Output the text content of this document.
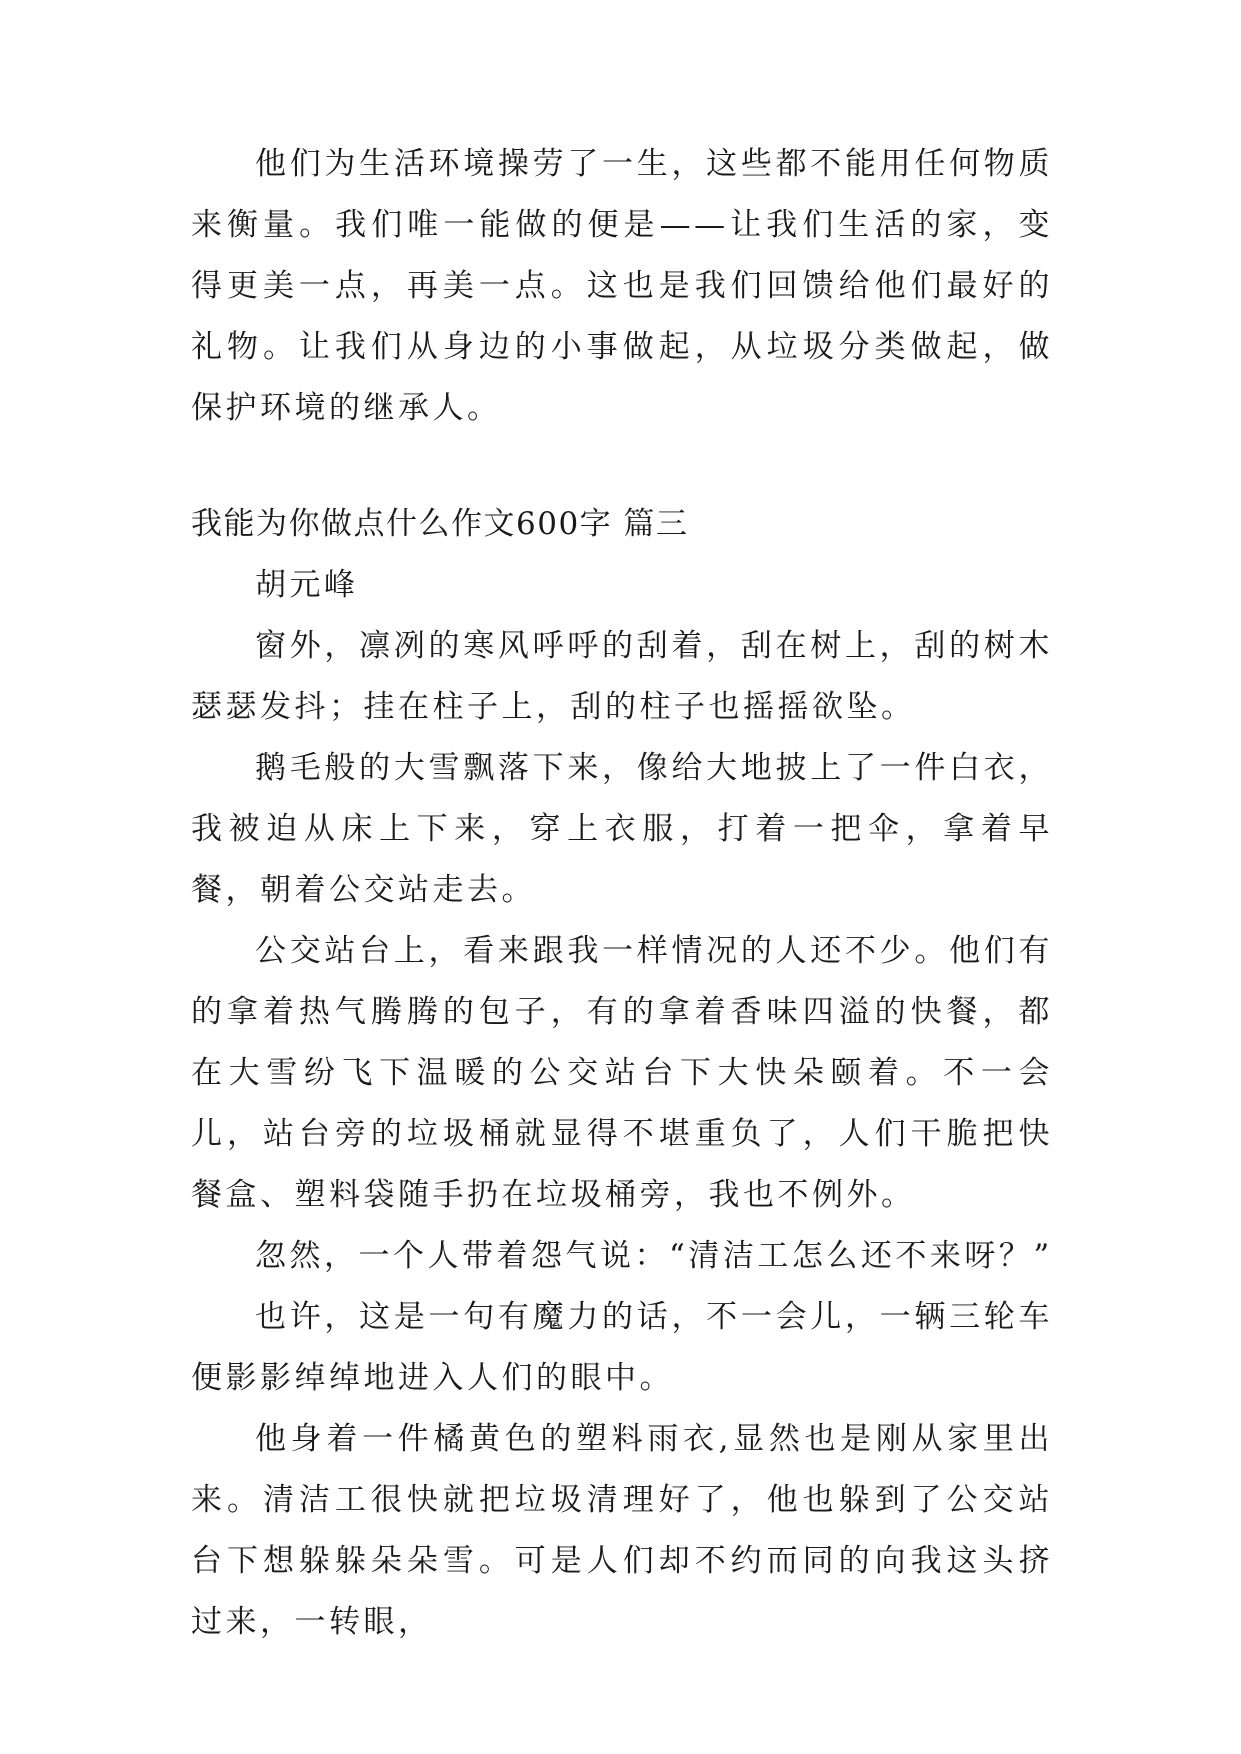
他们为生活环境操劳了一生，这些都不能用任何物质来衡量。我们唯一能做的便是——让我们生活的家，变得更美一点，再美一点。这也是我们回馈给他们最好的礼物。让我们从身边的小事做起，从垃圾分类做起，做保护环境的继承人。

我能为你做点什么作文600字 篇三

胡元峰

窗外，凛冽的寒风呼呼的刮着，刮在树上，刮的树木瑟瑟发抖；挂在柱子上，刮的柱子也摇摇欲坠。

鹅毛般的大雪飘落下来，像给大地披上了一件白衣，我被迫从床上下来，穿上衣服，打着一把伞，拿着早餐，朝着公交站走去。

公交站台上，看来跟我一样情况的人还不少。他们有的拿着热气腾腾的包子，有的拿着香味四溢的快餐，都在大雪纷飞下温暖的公交站台下大快朵颐着。不一会儿，站台旁的垃圾桶就显得不堪重负了，人们干脆把快餐盒、塑料袋随手扔在垃圾桶旁，我也不例外。

忽然，一个人带着怨气说：“清洁工怎么还不来呀？”

也许，这是一句有魔力的话，不一会儿，一辆三轮车便影影绰绰地进入人们的眼中。

他身着一件橘黄色的塑料雨衣,显然也是刚从家里出来。清洁工很快就把垃圾清理好了，他也躲到了公交站台下想躲躲朵朵雪。可是人们却不约而同的向我这头挤过来，一转眼，
